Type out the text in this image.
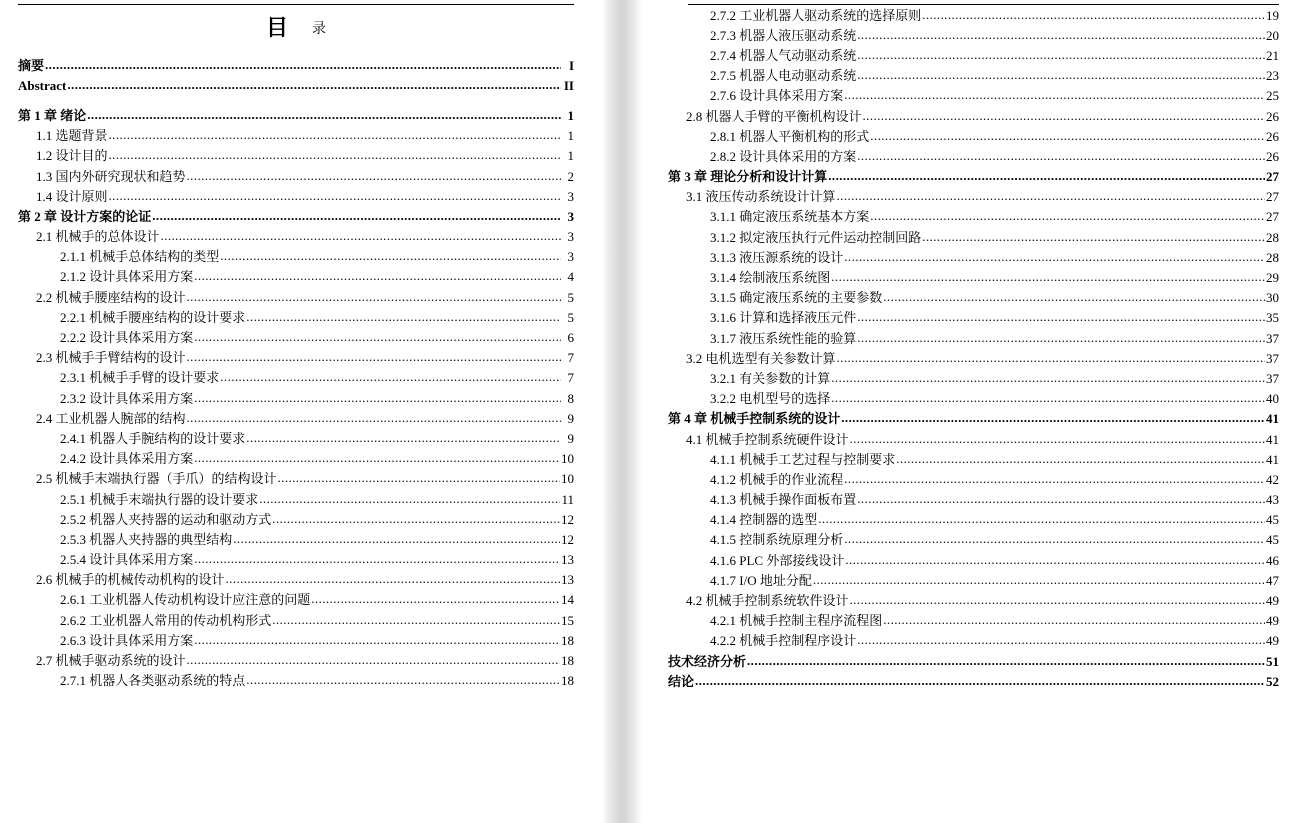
目 录
摘要 .....	I
Abstract .....	II
第 1 章 绪论 .....	1
1.1 选题背景 .....	1
1.2 设计目的 .....	1
1.3 国内外研究现状和趋势 .....	2
1.4 设计原则 .....	3
第 2 章 设计方案的论证 .....	3
2.1 机械手的总体设计 .....	3
2.1.1 机械手总体结构的类型 .....	3
2.1.2 设计具体采用方案 .....	4
2.2 机械手腰座结构的设计 .....	5
2.2.1 机械手腰座结构的设计要求 .....	5
2.2.2 设计具体采用方案 .....	6
2.3 机械手手臂结构的设计 .....	7
2.3.1 机械手手臂的设计要求 .....	7
2.3.2 设计具体采用方案 .....	8
2.4 工业机器人腕部的结构 .....	9
2.4.1 机器人手腕结构的设计要求 .....	9
2.4.2 设计具体采用方案 .....	10
2.5 机械手末端执行器（手爪）的结构设计 .....	10
2.5.1 机械手末端执行器的设计要求 .....	11
2.5.2 机器人夹持器的运动和驱动方式 .....	12
2.5.3 机器人夹持器的典型结构 .....	12
2.5.4 设计具体采用方案 .....	13
2.6 机械手的机械传动机构的设计 .....	13
2.6.1 工业机器人传动机构设计应注意的问题 .....	14
2.6.2 工业机器人常用的传动机构形式 .....	15
2.6.3 设计具体采用方案 .....	18
2.7 机械手驱动系统的设计 .....	18
2.7.1 机器人各类驱动系统的特点 .....	18
2.7.2 工业机器人驱动系统的选择原则 .....	19
2.7.3 机器人液压驱动系统 .....	20
2.7.4 机器人气动驱动系统 .....	21
2.7.5 机器人电动驱动系统 .....	23
2.7.6 设计具体采用方案 .....	25
2.8 机器人手臂的平衡机构设计 .....	26
2.8.1 机器人平衡机构的形式 .....	26
2.8.2 设计具体采用的方案 .....	26
第 3 章 理论分析和设计计算 .....	27
3.1 液压传动系统设计计算 .....	27
3.1.1 确定液压系统基本方案 .....	27
3.1.2 拟定液压执行元件运动控制回路 .....	28
3.1.3 液压源系统的设计 .....	28
3.1.4 绘制液压系统图 .....	29
3.1.5 确定液压系统的主要参数 .....	30
3.1.6 计算和选择液压元件 .....	35
3.1.7 液压系统性能的验算 .....	37
3.2 电机选型有关参数计算 .....	37
3.2.1 有关参数的计算 .....	37
3.2.2 电机型号的选择 .....	40
第 4 章 机械手控制系统的设计 .....	41
4.1 机械手控制系统硬件设计 .....	41
4.1.1 机械手工艺过程与控制要求 .....	41
4.1.2 机械手的作业流程 .....	42
4.1.3 机械手操作面板布置 .....	43
4.1.4 控制器的选型 .....	45
4.1.5 控制系统原理分析 .....	45
4.1.6 PLC 外部接线设计 .....	46
4.1.7 I/O 地址分配 .....	47
4.2 机械手控制系统软件设计 .....	49
4.2.1 机械手控制主程序流程图 .....	49
4.2.2 机械手控制程序设计 .....	49
技术经济分析 .....	51
结论 .....	52
